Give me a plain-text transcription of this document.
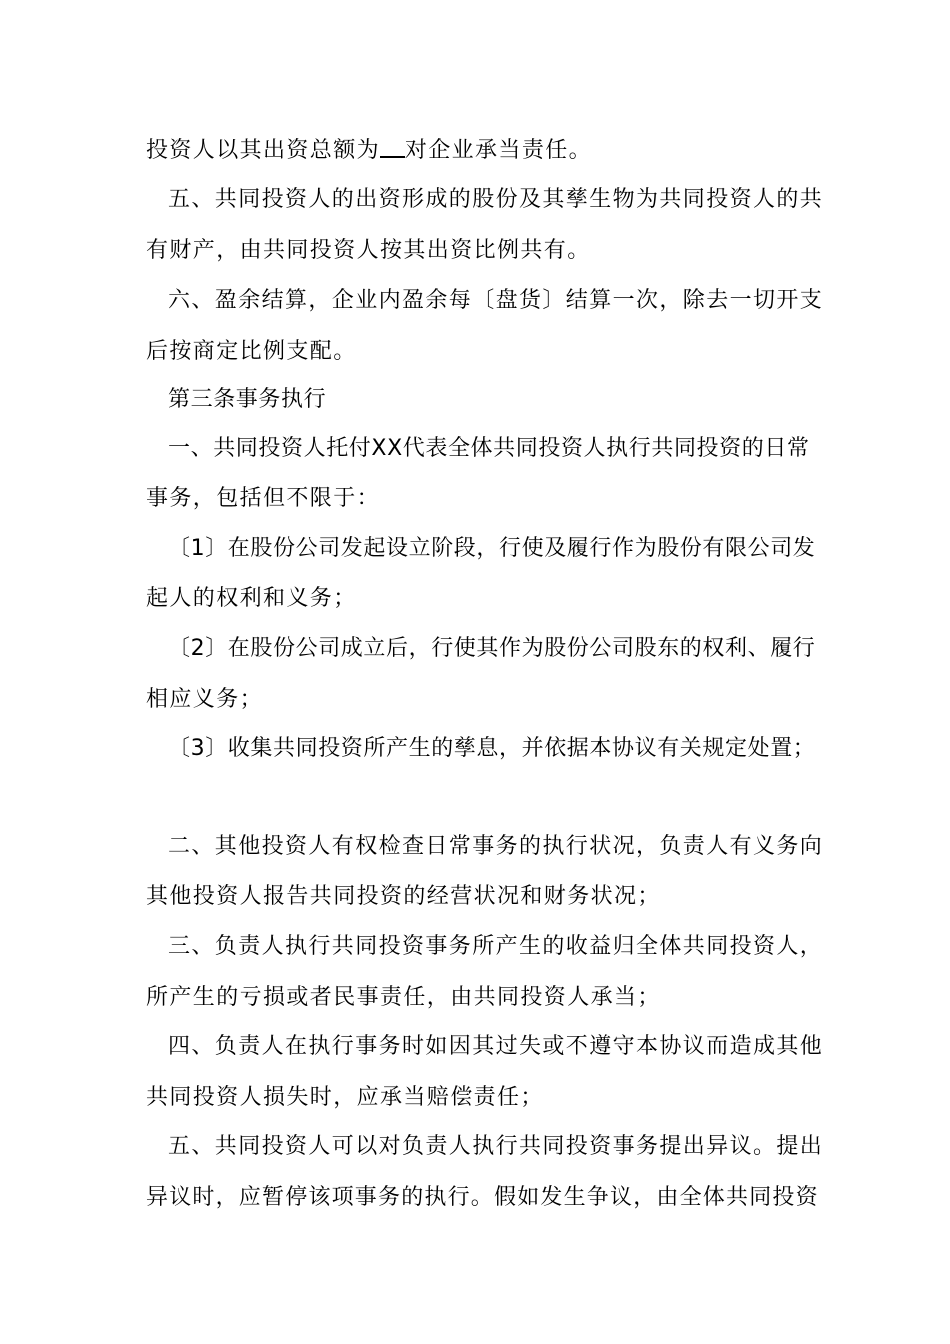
投资人以其出资总额为 对企业承当责任。
五、共同投资人的出资形成的股份及其孳生物为共同投资人的共
有财产，由共同投资人按其出资比例共有。
六、盈余结算，企业内盈余每〔盘货〕结算一次，除去一切开支
后按商定比例支配。
第三条事务执行
一、共同投资人托付XX代表全体共同投资人执行共同投资的日常
事务，包括但不限于：
〔1〕在股份公司发起设立阶段，行使及履行作为股份有限公司发
起人的权利和义务；
〔2〕在股份公司成立后，行使其作为股份公司股东的权利、履行
相应义务；
〔3〕收集共同投资所产生的孳息，并依据本协议有关规定处置；
二、其他投资人有权检查日常事务的执行状况，负责人有义务向
其他投资人报告共同投资的经营状况和财务状况；
三、负责人执行共同投资事务所产生的收益归全体共同投资人，
所产生的亏损或者民事责任，由共同投资人承当；
四、负责人在执行事务时如因其过失或不遵守本协议而造成其他
共同投资人损失时，应承当赔偿责任；
五、共同投资人可以对负责人执行共同投资事务提出异议。提出
异议时，应暂停该项事务的执行。假如发生争议，由全体共同投资
